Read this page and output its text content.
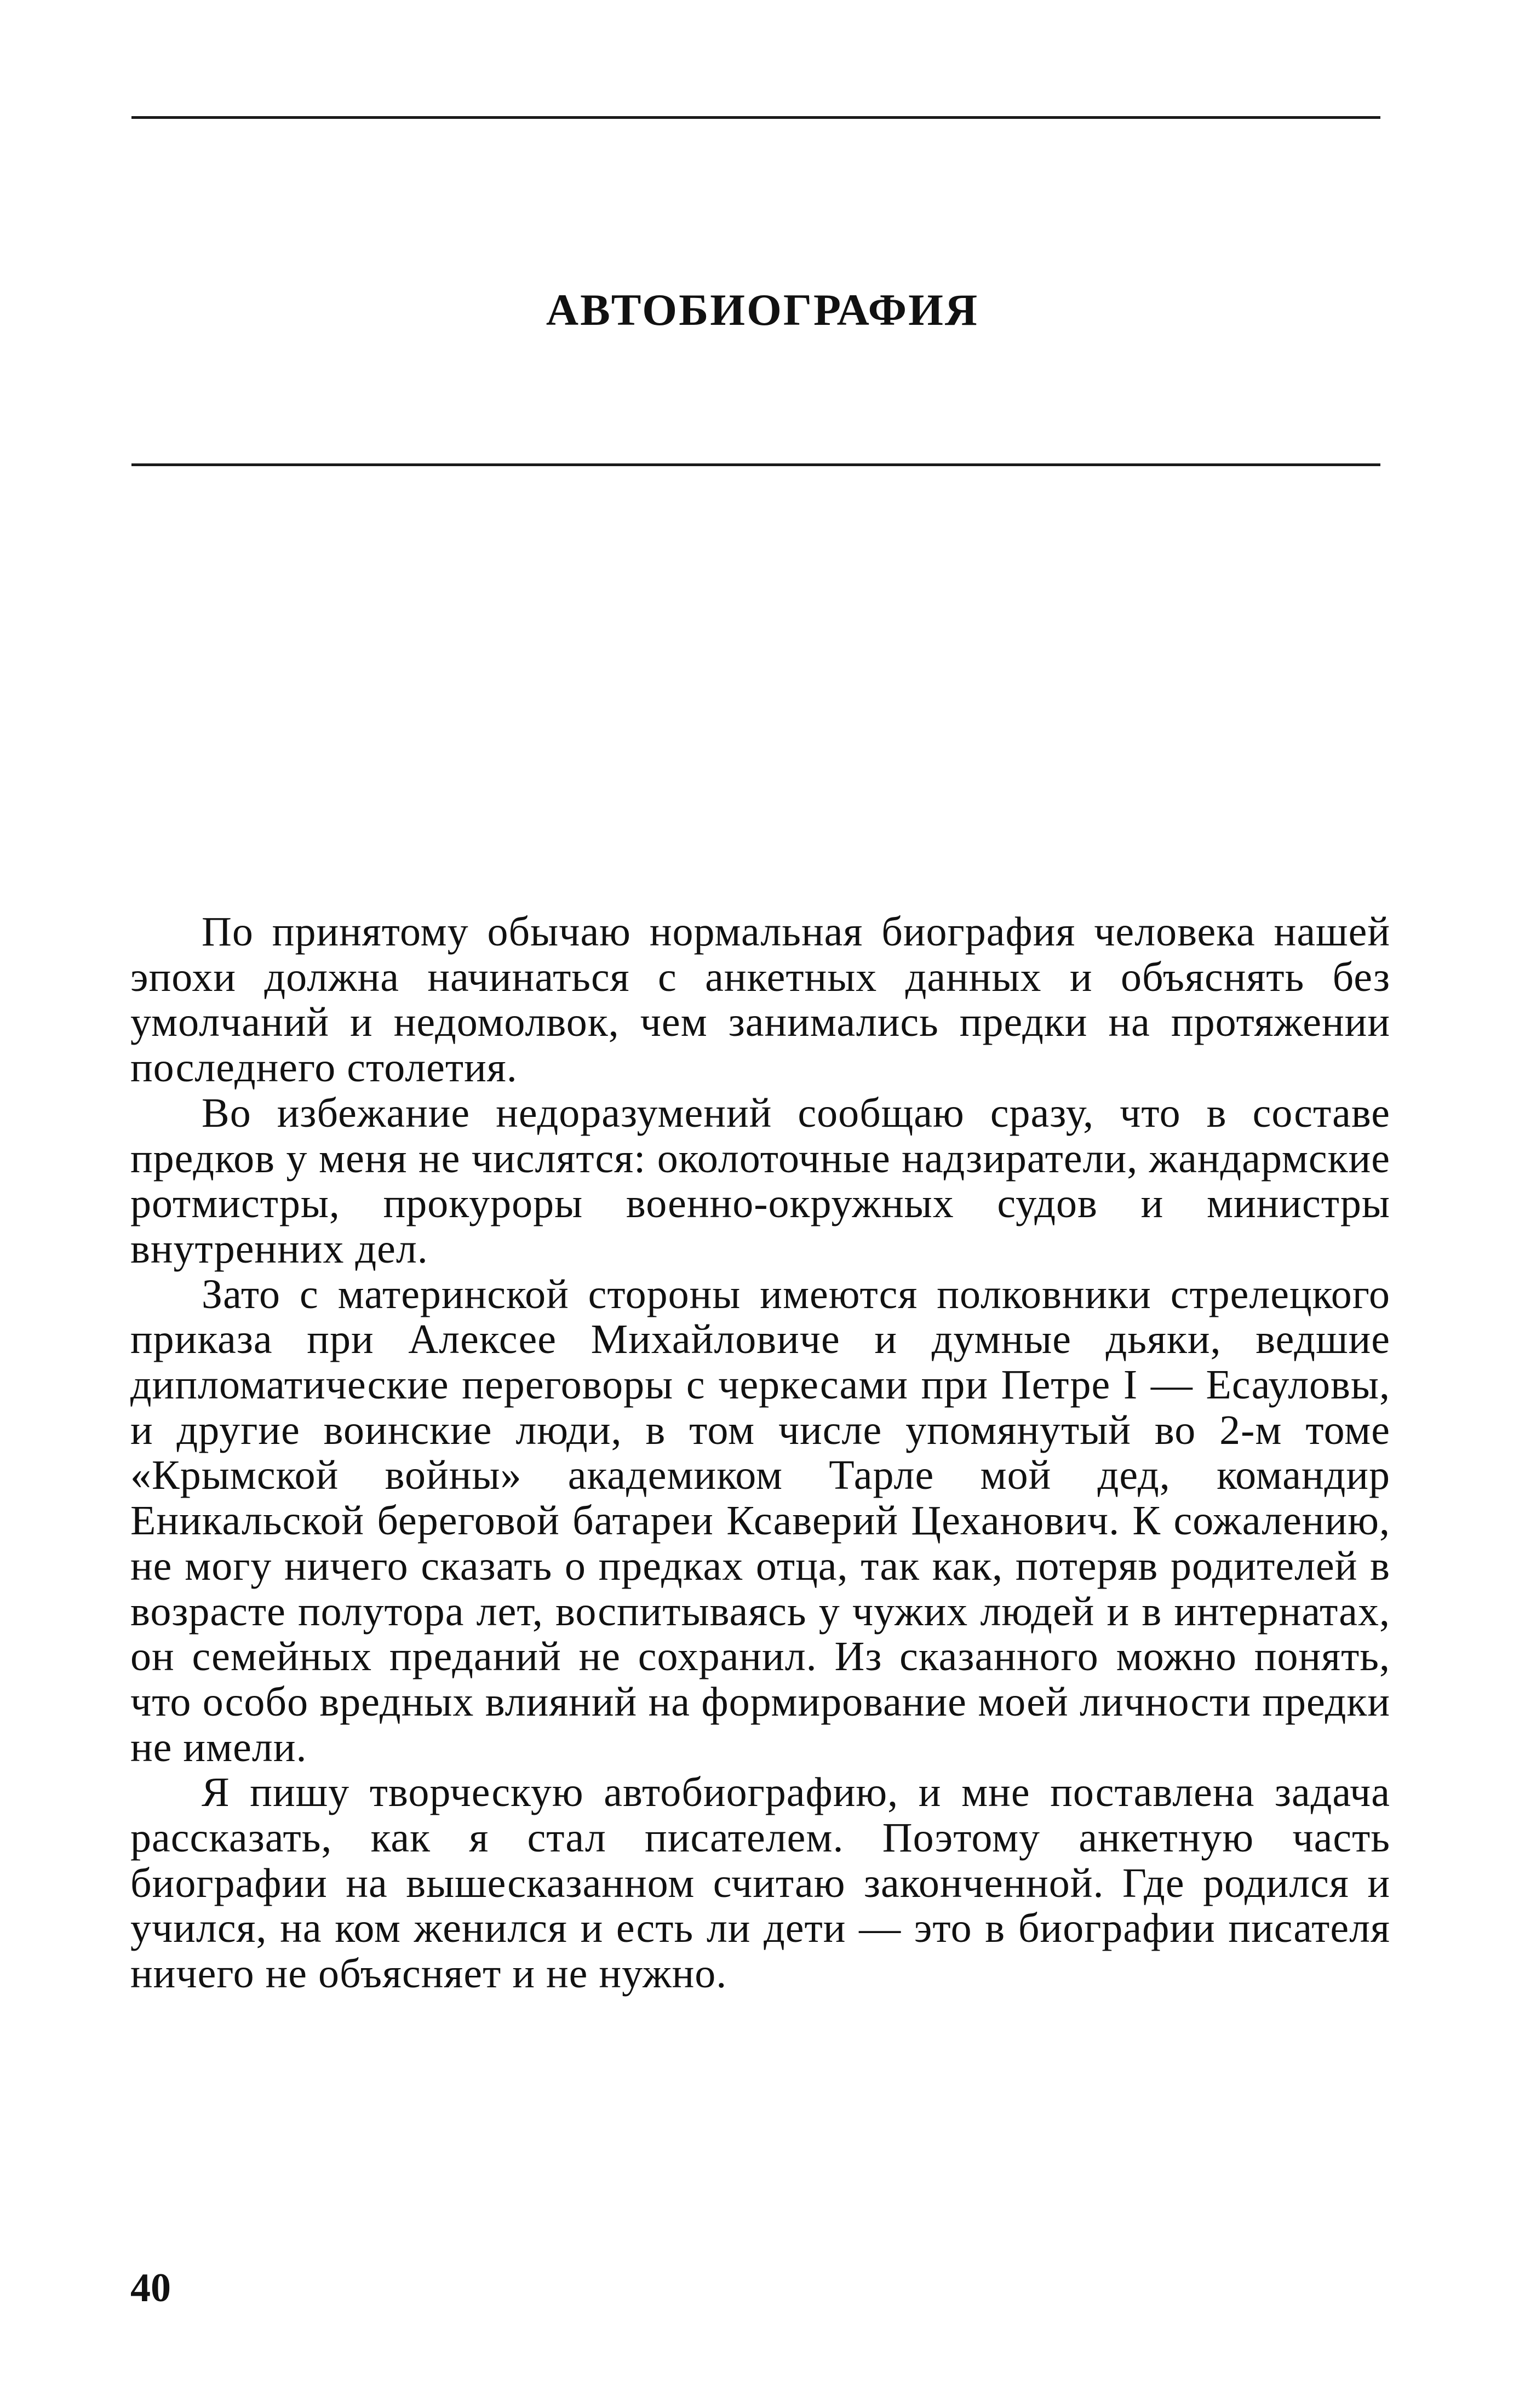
АВТОБИОГРАФИЯ

По принятому обычаю нормальная биография человека нашей эпохи должна начинаться с анкетных данных и объяснять без умолчаний и недомолвок, чем занимались предки на протяжении последнего столетия.

Во избежание недоразумений сообщаю сразу, что в составе предков у меня не числятся: околоточные надзиратели, жандармские ротмистры, прокуроры военно-окружных судов и министры внутренних дел.

Зато с материнской стороны имеются полковники стрелецкого приказа при Алексее Михайловиче и думные дьяки, ведшие дипломатические переговоры с черкесами при Петре I — Есауловы, и другие воинские люди, в том числе упомянутый во 2-м томе «Крымской войны» академиком Тарле мой дед, командир Еникальской береговой батареи Ксаверий Цеханович. К сожалению, не могу ничего сказать о предках отца, так как, потеряв родителей в возрасте полутора лет, воспитываясь у чужих людей и в интернатах, он семейных преданий не сохранил. Из сказанного можно понять, что особо вредных влияний на формирование моей личности предки не имели.

Я пишу творческую автобиографию, и мне поставлена задача рассказать, как я стал писателем. Поэтому анкетную часть биографии на вышесказанном считаю законченной. Где родился и учился, на ком женился и есть ли дети — это в биографии писателя ничего не объясняет и не нужно.

40
